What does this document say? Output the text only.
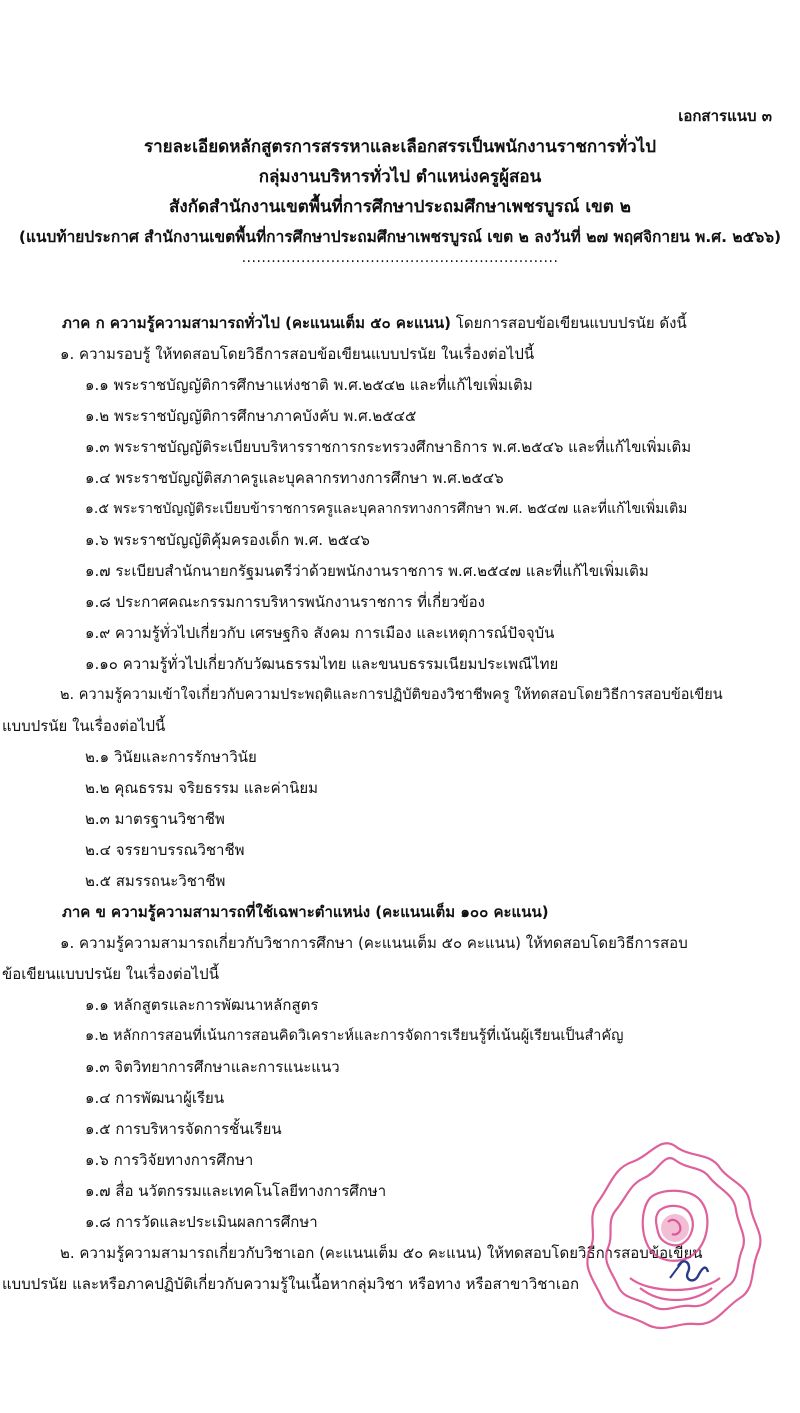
เอกสารแนบ ๓
รายละเอียดหลักสูตรการสรรหาและเลือกสรรเป็นพนักงานราชการทั่วไป
กลุ่มงานบริหารทั่วไป ตำแหน่งครูผู้สอน
สังกัดสำนักงานเขตพื้นที่การศึกษาประถมศึกษาเพชรบูรณ์ เขต ๒
(แนบท้ายประกาศ สำนักงานเขตพื้นที่การศึกษาประถมศึกษาเพชรบูรณ์ เขต ๒ ลงวันที่ ๒๗ พฤศจิกายน พ.ศ. ๒๕๖๖)
................................................................
ภาค ก ความรู้ความสามารถทั่วไป (คะแนนเต็ม ๕๐ คะแนน) โดยการสอบข้อเขียนแบบปรนัย ดังนี้
๑. ความรอบรู้ ให้ทดสอบโดยวิธีการสอบข้อเขียนแบบปรนัย ในเรื่องต่อไปนี้
๑.๑ พระราชบัญญัติการศึกษาแห่งชาติ พ.ศ.๒๕๔๒ และที่แก้ไขเพิ่มเติม
๑.๒ พระราชบัญญัติการศึกษาภาคบังคับ พ.ศ.๒๕๔๕
๑.๓ พระราชบัญญัติระเบียบบริหารราชการกระทรวงศึกษาธิการ พ.ศ.๒๕๔๖ และที่แก้ไขเพิ่มเติม
๑.๔ พระราชบัญญัติสภาครูและบุคลากรทางการศึกษา พ.ศ.๒๕๔๖
๑.๕ พระราชบัญญัติระเบียบข้าราชการครูและบุคลากรทางการศึกษา พ.ศ. ๒๕๔๗ และที่แก้ไขเพิ่มเติม
๑.๖ พระราชบัญญัติคุ้มครองเด็ก พ.ศ. ๒๕๔๖
๑.๗ ระเบียบสำนักนายกรัฐมนตรีว่าด้วยพนักงานราชการ พ.ศ.๒๕๔๗ และที่แก้ไขเพิ่มเติม
๑.๘ ประกาศคณะกรรมการบริหารพนักงานราชการ ที่เกี่ยวข้อง
๑.๙ ความรู้ทั่วไปเกี่ยวกับ เศรษฐกิจ สังคม การเมือง และเหตุการณ์ปัจจุบัน
๑.๑๐ ความรู้ทั่วไปเกี่ยวกับวัฒนธรรมไทย และขนบธรรมเนียมประเพณีไทย
๒. ความรู้ความเข้าใจเกี่ยวกับความประพฤติและการปฏิบัติของวิชาชีพครู ให้ทดสอบโดยวิธีการสอบข้อเขียน
แบบปรนัย ในเรื่องต่อไปนี้
๒.๑ วินัยและการรักษาวินัย
๒.๒ คุณธรรม จริยธรรม และค่านิยม
๒.๓ มาตรฐานวิชาชีพ
๒.๔ จรรยาบรรณวิชาชีพ
๒.๕ สมรรถนะวิชาชีพ
ภาค ข ความรู้ความสามารถที่ใช้เฉพาะตำแหน่ง (คะแนนเต็ม ๑๐๐ คะแนน)
๑. ความรู้ความสามารถเกี่ยวกับวิชาการศึกษา (คะแนนเต็ม ๕๐ คะแนน) ให้ทดสอบโดยวิธีการสอบ
ข้อเขียนแบบปรนัย ในเรื่องต่อไปนี้
๑.๑ หลักสูตรและการพัฒนาหลักสูตร
๑.๒ หลักการสอนที่เน้นการสอนคิดวิเคราะห์และการจัดการเรียนรู้ที่เน้นผู้เรียนเป็นสำคัญ
๑.๓ จิตวิทยาการศึกษาและการแนะแนว
๑.๔ การพัฒนาผู้เรียน
๑.๕ การบริหารจัดการชั้นเรียน
๑.๖ การวิจัยทางการศึกษา
๑.๗ สื่อ นวัตกรรมและเทคโนโลยีทางการศึกษา
๑.๘ การวัดและประเมินผลการศึกษา
๒. ความรู้ความสามารถเกี่ยวกับวิชาเอก (คะแนนเต็ม ๕๐ คะแนน) ให้ทดสอบโดยวิธีการสอบข้อเขียน
แบบปรนัย และหรือภาคปฏิบัติเกี่ยวกับความรู้ในเนื้อหากลุ่มวิชา หรือทาง หรือสาขาวิชาเอก
